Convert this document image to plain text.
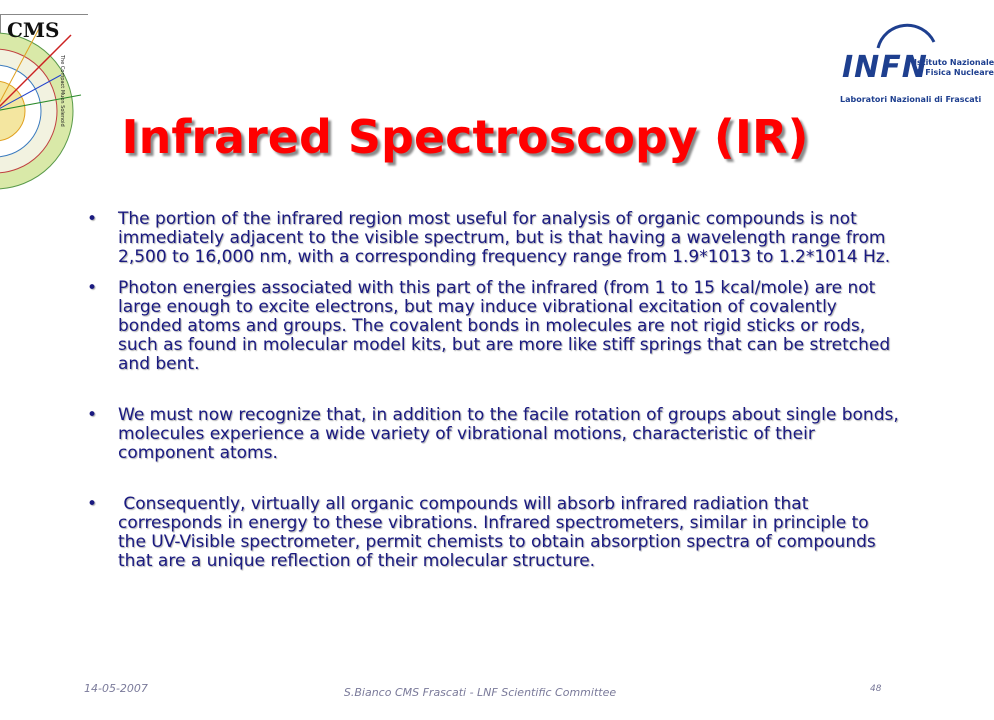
CMS
The Compact Muon Solenoid	INFN
Istituto Nazionale
di Fisica Nucleare
Laboratori Nazionali di Frascati
Infrared Spectroscopy (IR)
• The portion of the infrared region most useful for analysis of organic compounds is not immediately adjacent to the visible spectrum, but is that having a wavelength range from 2,500 to 16,000 nm, with a corresponding frequency range from 1.9*1013 to 1.2*1014 Hz.
• Photon energies associated with this part of the infrared (from 1 to 15 kcal/mole) are not large enough to excite electrons, but may induce vibrational excitation of covalently bonded atoms and groups. The covalent bonds in molecules are not rigid sticks or rods, such as found in molecular model kits, but are more like stiff springs that can be stretched and bent.
• We must now recognize that, in addition to the facile rotation of groups about single bonds, molecules experience a wide variety of vibrational motions, characteristic of their component atoms.
• Consequently, virtually all organic compounds will absorb infrared radiation that corresponds in energy to these vibrations. Infrared spectrometers, similar in principle to the UV-Visible spectrometer, permit chemists to obtain absorption spectra of compounds that are a unique reflection of their molecular structure.
14-05-2007	S.Bianco CMS Frascati - LNF Scientific Committee	48
